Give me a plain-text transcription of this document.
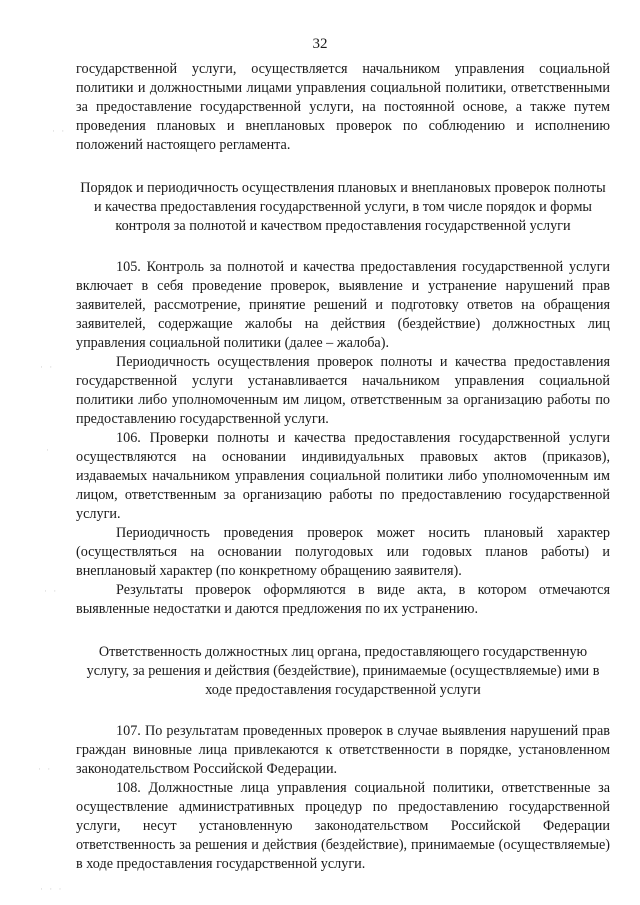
32

государственной услуги, осуществляется начальником управления социальной политики и должностными лицами управления социальной политики, ответственными за предоставление государственной услуги, на постоянной основе, а также путем проведения плановых и внеплановых проверок по соблюдению и исполнению положений настоящего регламента.

Порядок и периодичность осуществления плановых и внеплановых проверок полноты и качества предоставления государственной услуги, в том числе порядок и формы контроля за полнотой и качеством предоставления государственной услуги

105. Контроль за полнотой и качества предоставления государственной услуги включает в себя проведение проверок, выявление и устранение нарушений прав заявителей, рассмотрение, принятие решений и подготовку ответов на обращения заявителей, содержащие жалобы на действия (бездействие) должностных лиц управления социальной политики (далее – жалоба).

Периодичность осуществления проверок полноты и качества предоставления государственной услуги устанавливается начальником управления социальной политики либо уполномоченным им лицом, ответственным за организацию работы по предоставлению государственной услуги.

106. Проверки полноты и качества предоставления государственной услуги осуществляются на основании индивидуальных правовых актов (приказов), издаваемых начальником управления социальной политики либо уполномоченным им лицом, ответственным за организацию работы по предоставлению государственной услуги.

Периодичность проведения проверок может носить плановый характер (осуществляться на основании полугодовых или годовых планов работы) и внеплановый характер (по конкретному обращению заявителя).

Результаты проверок оформляются в виде акта, в котором отмечаются выявленные недостатки и даются предложения по их устранению.

Ответственность должностных лиц органа, предоставляющего государственную услугу, за решения и действия (бездействие), принимаемые (осуществляемые) ими в ходе предоставления государственной услуги

107. По результатам проведенных проверок в случае выявления нарушений прав граждан виновные лица привлекаются к ответственности в порядке, установленном законодательством Российской Федерации.

108. Должностные лица управления социальной политики, ответственные за осуществление административных процедур по предоставлению государственной услуги, несут установленную законодательством Российской Федерации ответственность за решения и действия (бездействие), принимаемые (осуществляемые) в ходе предоставления государственной услуги.

· ·
· ·
·
· ·
· ·
· · ·
